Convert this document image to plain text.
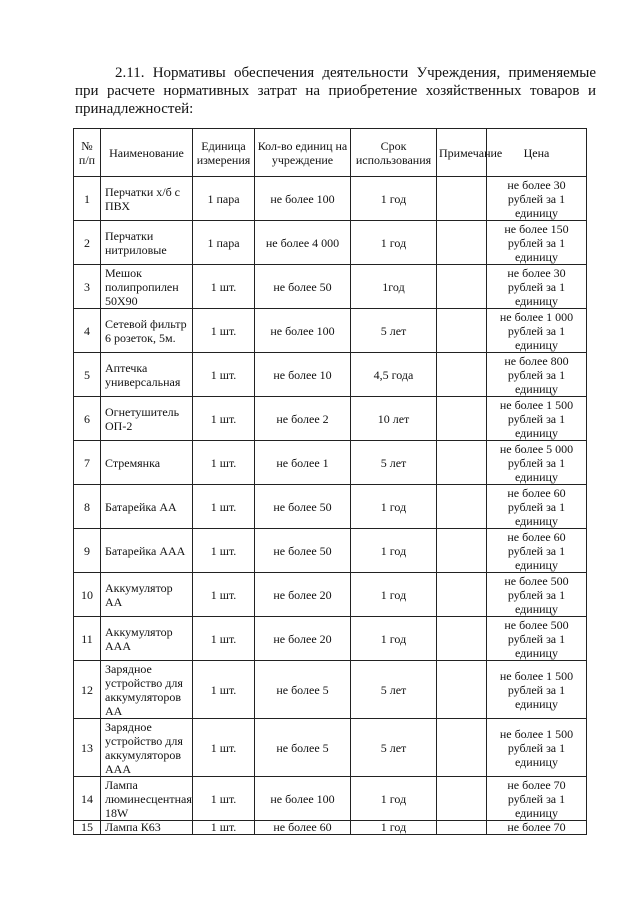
2.11. Нормативы обеспечения деятельности Учреждения, применяемые
при расчете нормативных затрат на приобретение хозяйственных товаров и
принадлежностей:
№ п/п	Наименование	Единица измерения	Кол-во единиц на учреждение	Срок использования	Примечание	Цена
1	Перчатки х/б с ПВХ	1 пара	не более 100	1 год		не более 30 рублей за 1 единицу
2	Перчатки нитриловые	1 пара	не более 4 000	1 год		не более 150 рублей за 1 единицу
3	Мешок полипропилен 50Х90	1 шт.	не более 50	1год		не более 30 рублей за 1 единицу
4	Сетевой фильтр 6 розеток, 5м.	1 шт.	не более 100	5 лет		не более 1 000 рублей за 1 единицу
5	Аптечка универсальная	1 шт.	не более 10	4,5 года		не более 800 рублей за 1 единицу
6	Огнетушитель ОП-2	1 шт.	не более 2	10 лет		не более 1 500 рублей за 1 единицу
7	Стремянка	1 шт.	не более 1	5 лет		не более 5 000 рублей за 1 единицу
8	Батарейка АА	1 шт.	не более 50	1 год		не более 60 рублей за 1 единицу
9	Батарейка ААА	1 шт.	не более 50	1 год		не более 60 рублей за 1 единицу
10	Аккумулятор АА	1 шт.	не более 20	1 год		не более 500 рублей за 1 единицу
11	Аккумулятор ААА	1 шт.	не более 20	1 год		не более 500 рублей за 1 единицу
12	Зарядное устройство для аккумуляторов АА	1 шт.	не более 5	5 лет		не более 1 500 рублей за 1 единицу
13	Зарядное устройство для аккумуляторов ААА	1 шт.	не более 5	5 лет		не более 1 500 рублей за 1 единицу
14	Лампа люминесцентная 18W	1 шт.	не более 100	1 год		не более 70 рублей за 1 единицу
15	Лампа К63	1 шт.	не более 60	1 год		не более 70
